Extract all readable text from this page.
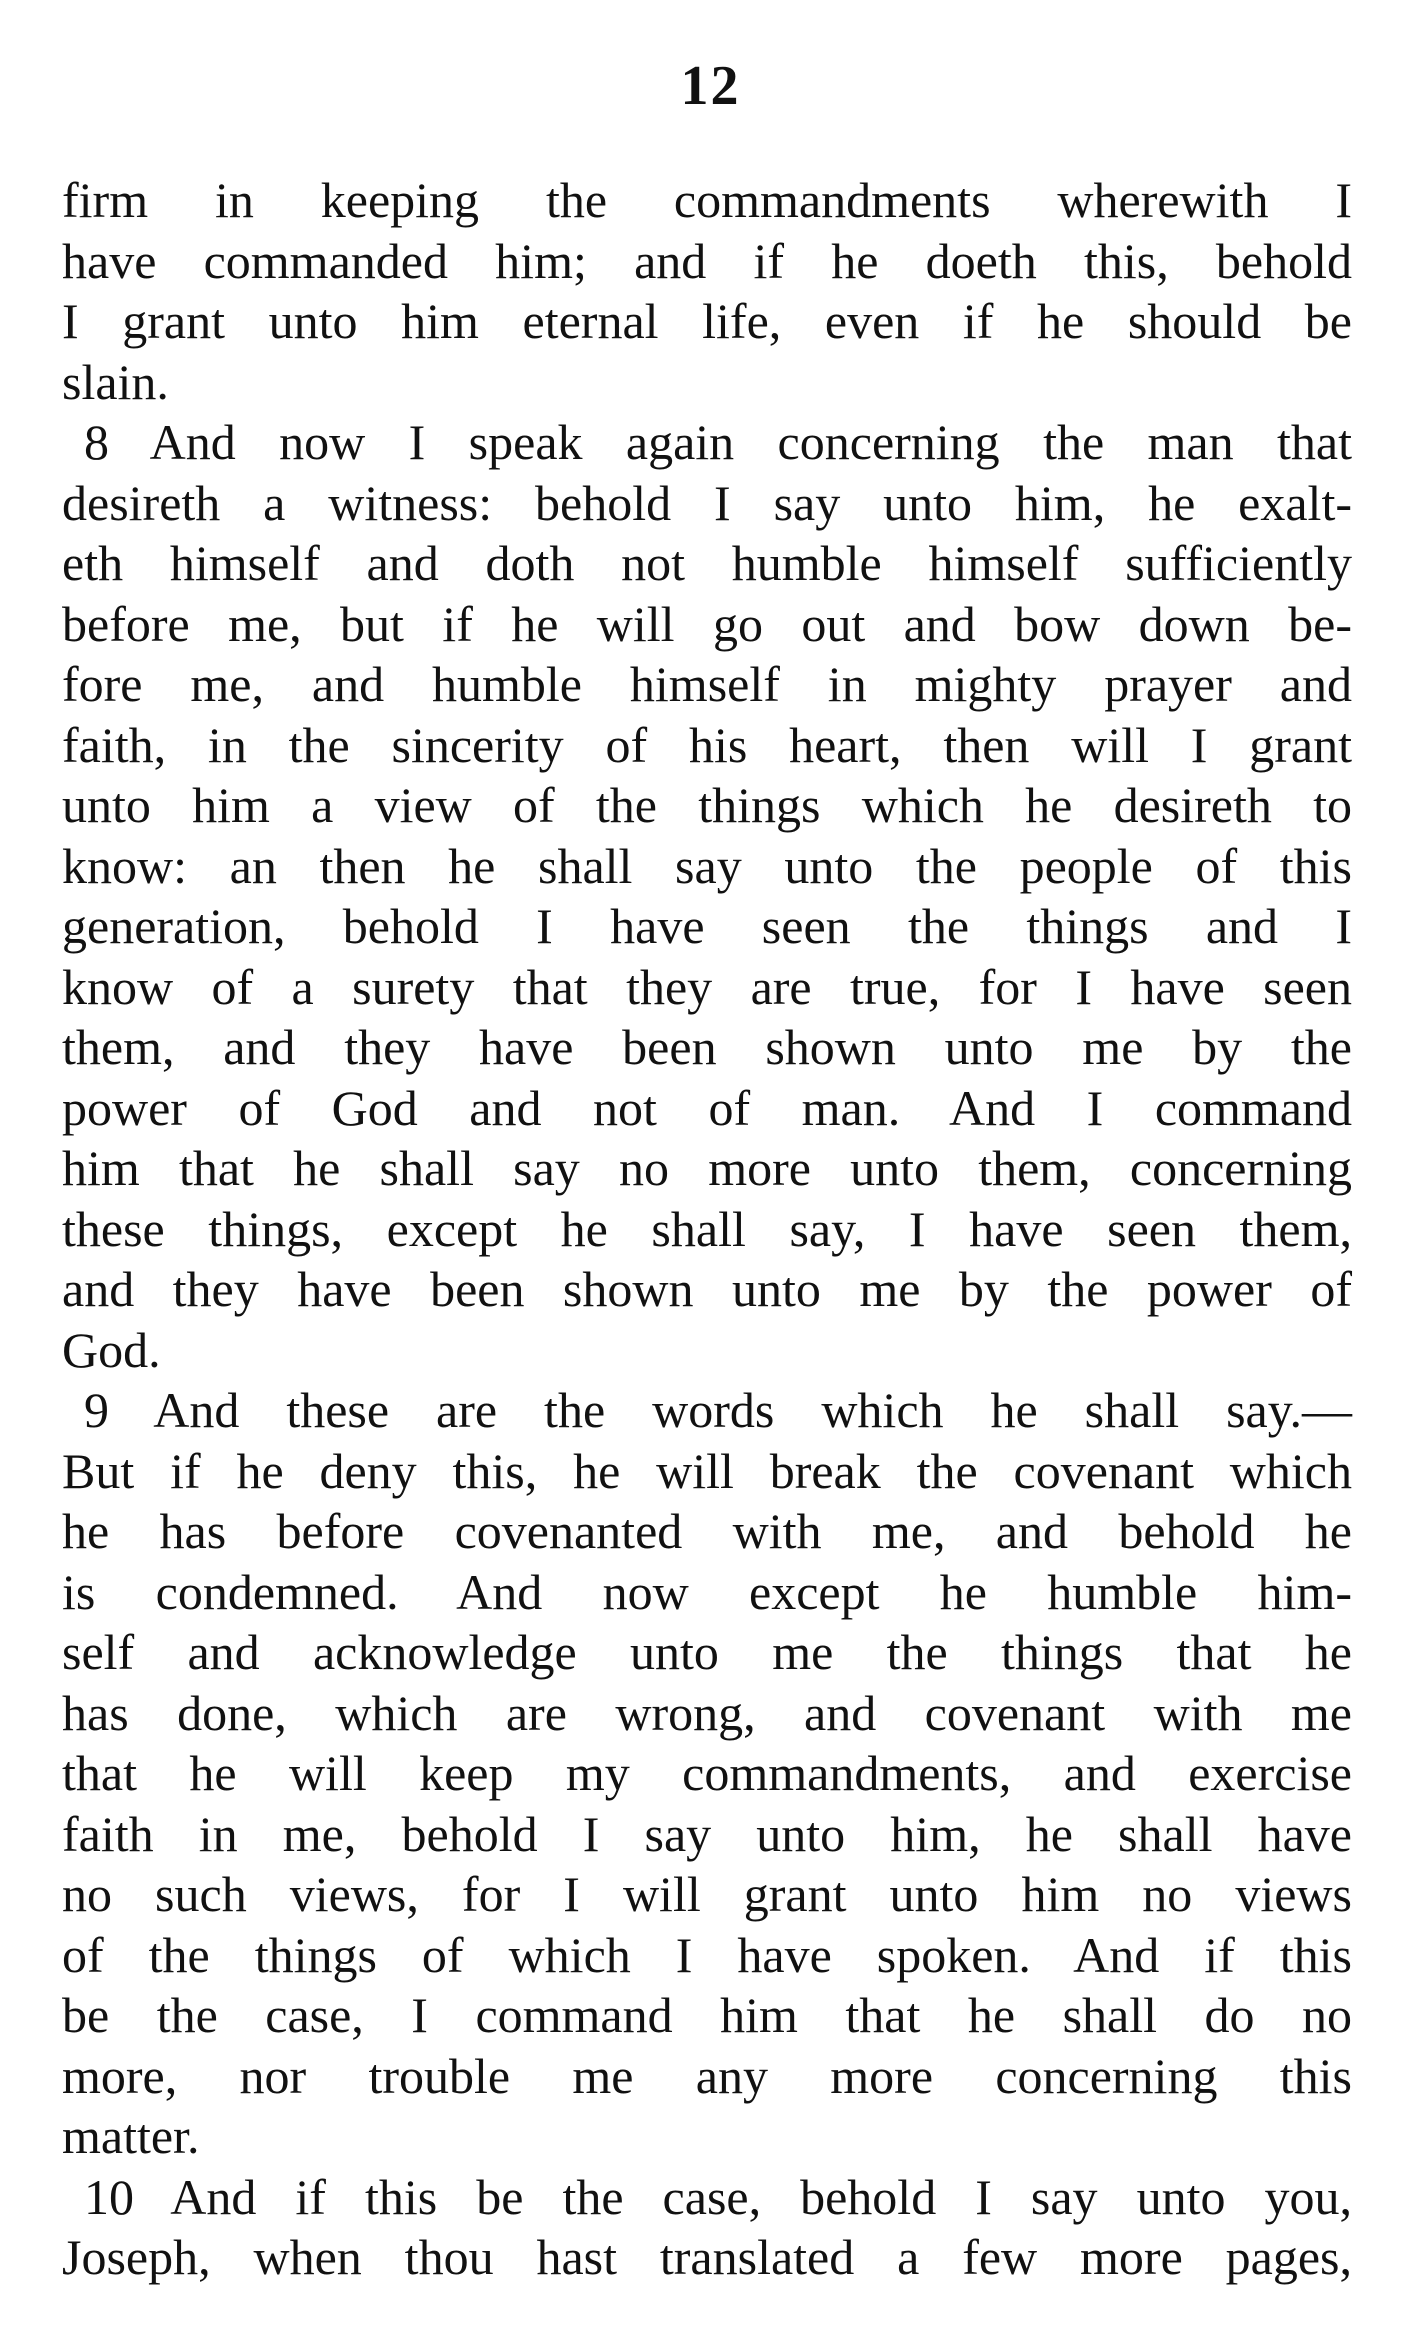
12
firm in keeping the commandments wherewith I
have commanded him; and if he doeth this, behold
I grant unto him eternal life, even if he should be
slain.
8 And now I speak again concerning the man that
desireth a witness: behold I say unto him, he exalt-
eth himself and doth not humble himself sufficiently
before me, but if he will go out and bow down be-
fore me, and humble himself in mighty prayer and
faith, in the sincerity of his heart, then will I grant
unto him a view of the things which he desireth to
know: an then he shall say unto the people of this
generation, behold I have seen the things and I
know of a surety that they are true, for I have seen
them, and they have been shown unto me by the
power of God and not of man. And I command
him that he shall say no more unto them, concerning
these things, except he shall say, I have seen them,
and they have been shown unto me by the power of
God.
9 And these are the words which he shall say.—
But if he deny this, he will break the covenant which
he has before covenanted with me, and behold he
is condemned. And now except he humble him-
self and acknowledge unto me the things that he
has done, which are wrong, and covenant with me
that he will keep my commandments, and exercise
faith in me, behold I say unto him, he shall have
no such views, for I will grant unto him no views
of the things of which I have spoken. And if this
be the case, I command him that he shall do no
more, nor trouble me any more concerning this
matter.
10 And if this be the case, behold I say unto you,
Joseph, when thou hast translated a few more pages,
